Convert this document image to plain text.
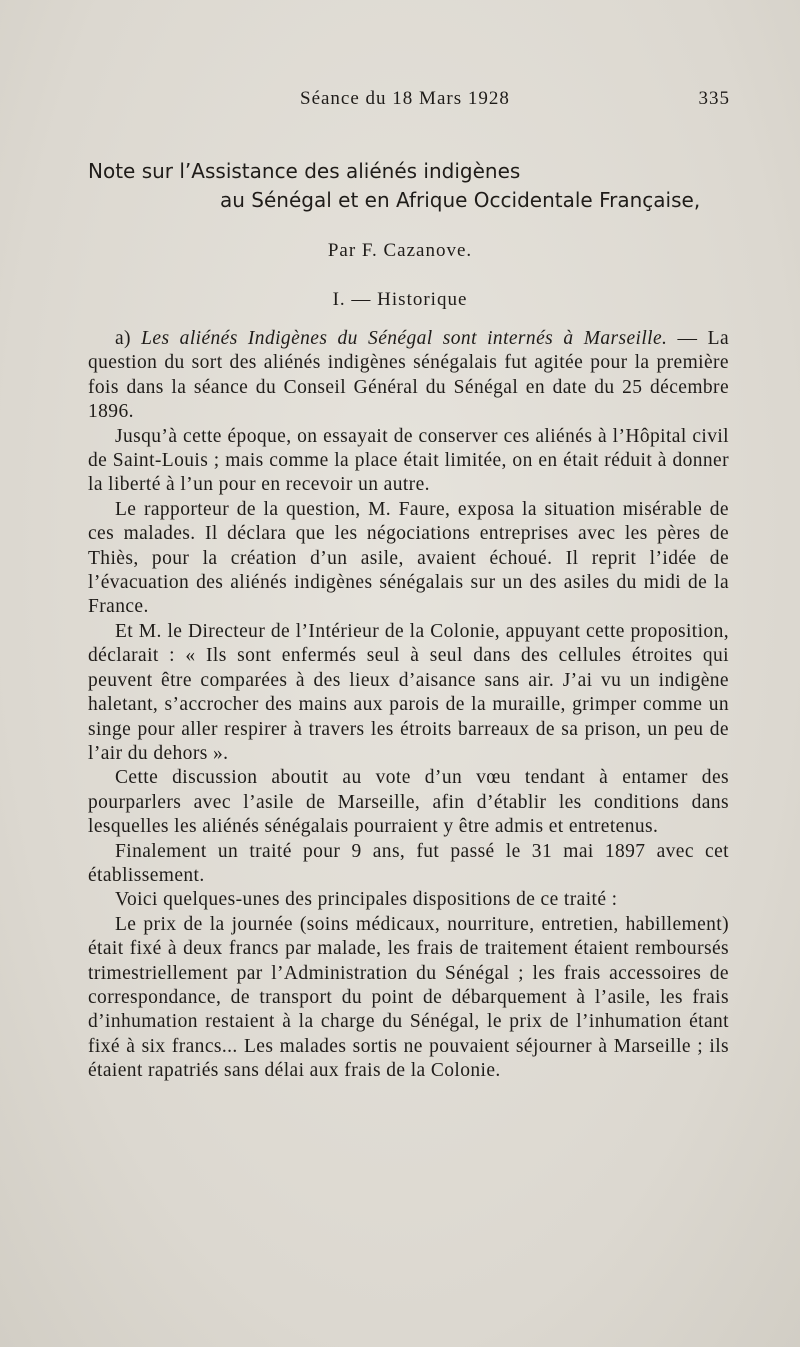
Séance du 18 Mars 1928	335
Note sur l’Assistance des aliénés indigènes
au Sénégal et en Afrique Occidentale Française,
Par F. Cazanove.
I. — Historique

a) Les aliénés Indigènes du Sénégal sont internés à Marseille. — La question du sort des aliénés indigènes sénégalais fut agitée pour la première fois dans la séance du Conseil Général du Sénégal en date du 25 décembre 1896.

Jusqu’à cette époque, on essayait de conserver ces aliénés à l’Hôpital civil de Saint-Louis ; mais comme la place était limitée, on en était réduit à donner la liberté à l’un pour en recevoir un autre.

Le rapporteur de la question, M. Faure, exposa la situation misérable de ces malades. Il déclara que les négociations entreprises avec les pères de Thiès, pour la création d’un asile, avaient échoué. Il reprit l’idée de l’évacuation des aliénés indigènes sénégalais sur un des asiles du midi de la France.

Et M. le Directeur de l’Intérieur de la Colonie, appuyant cette proposition, déclarait : « Ils sont enfermés seul à seul dans des cellules étroites qui peuvent être comparées à des lieux d’aisance sans air. J’ai vu un indigène haletant, s’accrocher des mains aux parois de la muraille, grimper comme un singe pour aller respirer à travers les étroits barreaux de sa prison, un peu de l’air du dehors ».

Cette discussion aboutit au vote d’un vœu tendant à entamer des pourparlers avec l’asile de Marseille, afin d’établir les conditions dans lesquelles les aliénés sénégalais pourraient y être admis et entretenus.

Finalement un traité pour 9 ans, fut passé le 31 mai 1897 avec cet établissement.

Voici quelques-unes des principales dispositions de ce traité :

Le prix de la journée (soins médicaux, nourriture, entretien, habillement) était fixé à deux francs par malade, les frais de traitement étaient remboursés trimestriellement par l’Administration du Sénégal ; les frais accessoires de correspondance, de transport du point de débarquement à l’asile, les frais d’inhumation restaient à la charge du Sénégal, le prix de l’inhumation étant fixé à six francs... Les malades sortis ne pouvaient séjourner à Marseille ; ils étaient rapatriés sans délai aux frais de la Colonie.
